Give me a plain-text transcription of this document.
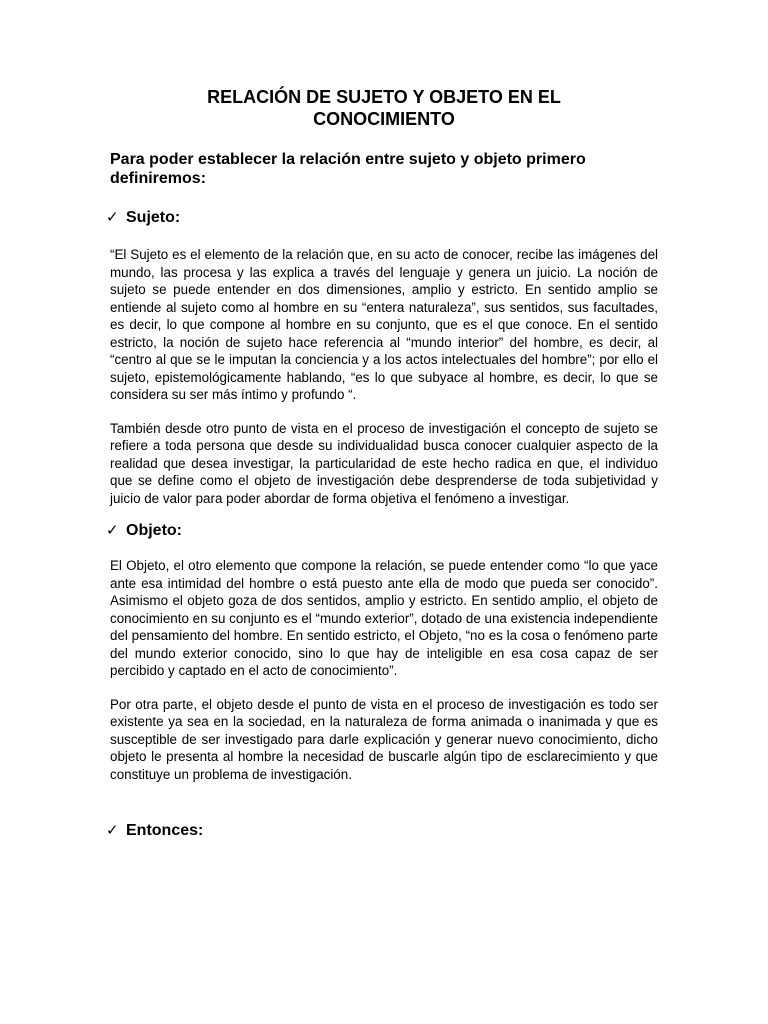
RELACIÓN DE SUJETO Y OBJETO EN EL CONOCIMIENTO

Para poder establecer la relación entre sujeto y objeto primero definiremos:

✓ Sujeto:

“El Sujeto es el elemento de la relación que, en su acto de conocer, recibe las imágenes del mundo, las procesa y las explica a través del lenguaje y genera un juicio. La noción de sujeto se puede entender en dos dimensiones, amplio y estricto. En sentido amplio se entiende al sujeto como al hombre en su “entera naturaleza”, sus sentidos, sus facultades, es decir, lo que compone al hombre en su conjunto, que es el que conoce. En el sentido estricto, la noción de sujeto hace referencia al “mundo interior” del hombre, es decir, al “centro al que se le imputan la conciencia y a los actos intelectuales del hombre”; por ello el sujeto, epistemológicamente hablando, “es lo que subyace al hombre, es decir, lo que se considera su ser más íntimo y profundo “.

También desde otro punto de vista en el proceso de investigación el concepto de sujeto se refiere a toda persona que desde su individualidad busca conocer cualquier aspecto de la realidad que desea investigar, la particularidad de este hecho radica en que, el individuo que se define como el objeto de investigación debe desprenderse de toda subjetividad y juicio de valor para poder abordar de forma objetiva el fenómeno a investigar.

✓ Objeto:

El Objeto, el otro elemento que compone la relación, se puede entender como “lo que yace ante esa intimidad del hombre o está puesto ante ella de modo que pueda ser conocido”. Asimismo el objeto goza de dos sentidos, amplio y estricto. En sentido amplio, el objeto de conocimiento en su conjunto es el “mundo exterior”, dotado de una existencia independiente del pensamiento del hombre. En sentido estricto, el Objeto, “no es la cosa o fenómeno parte del mundo exterior conocido, sino lo que hay de inteligible en esa cosa capaz de ser percibido y captado en el acto de conocimiento”.

Por otra parte, el objeto desde el punto de vista en el proceso de investigación es todo ser existente ya sea en la sociedad, en la naturaleza de forma animada o inanimada y que es susceptible de ser investigado para darle explicación y generar nuevo conocimiento, dicho objeto le presenta al hombre la necesidad de buscarle algún tipo de esclarecimiento y que constituye un problema de investigación.

✓ Entonces:
